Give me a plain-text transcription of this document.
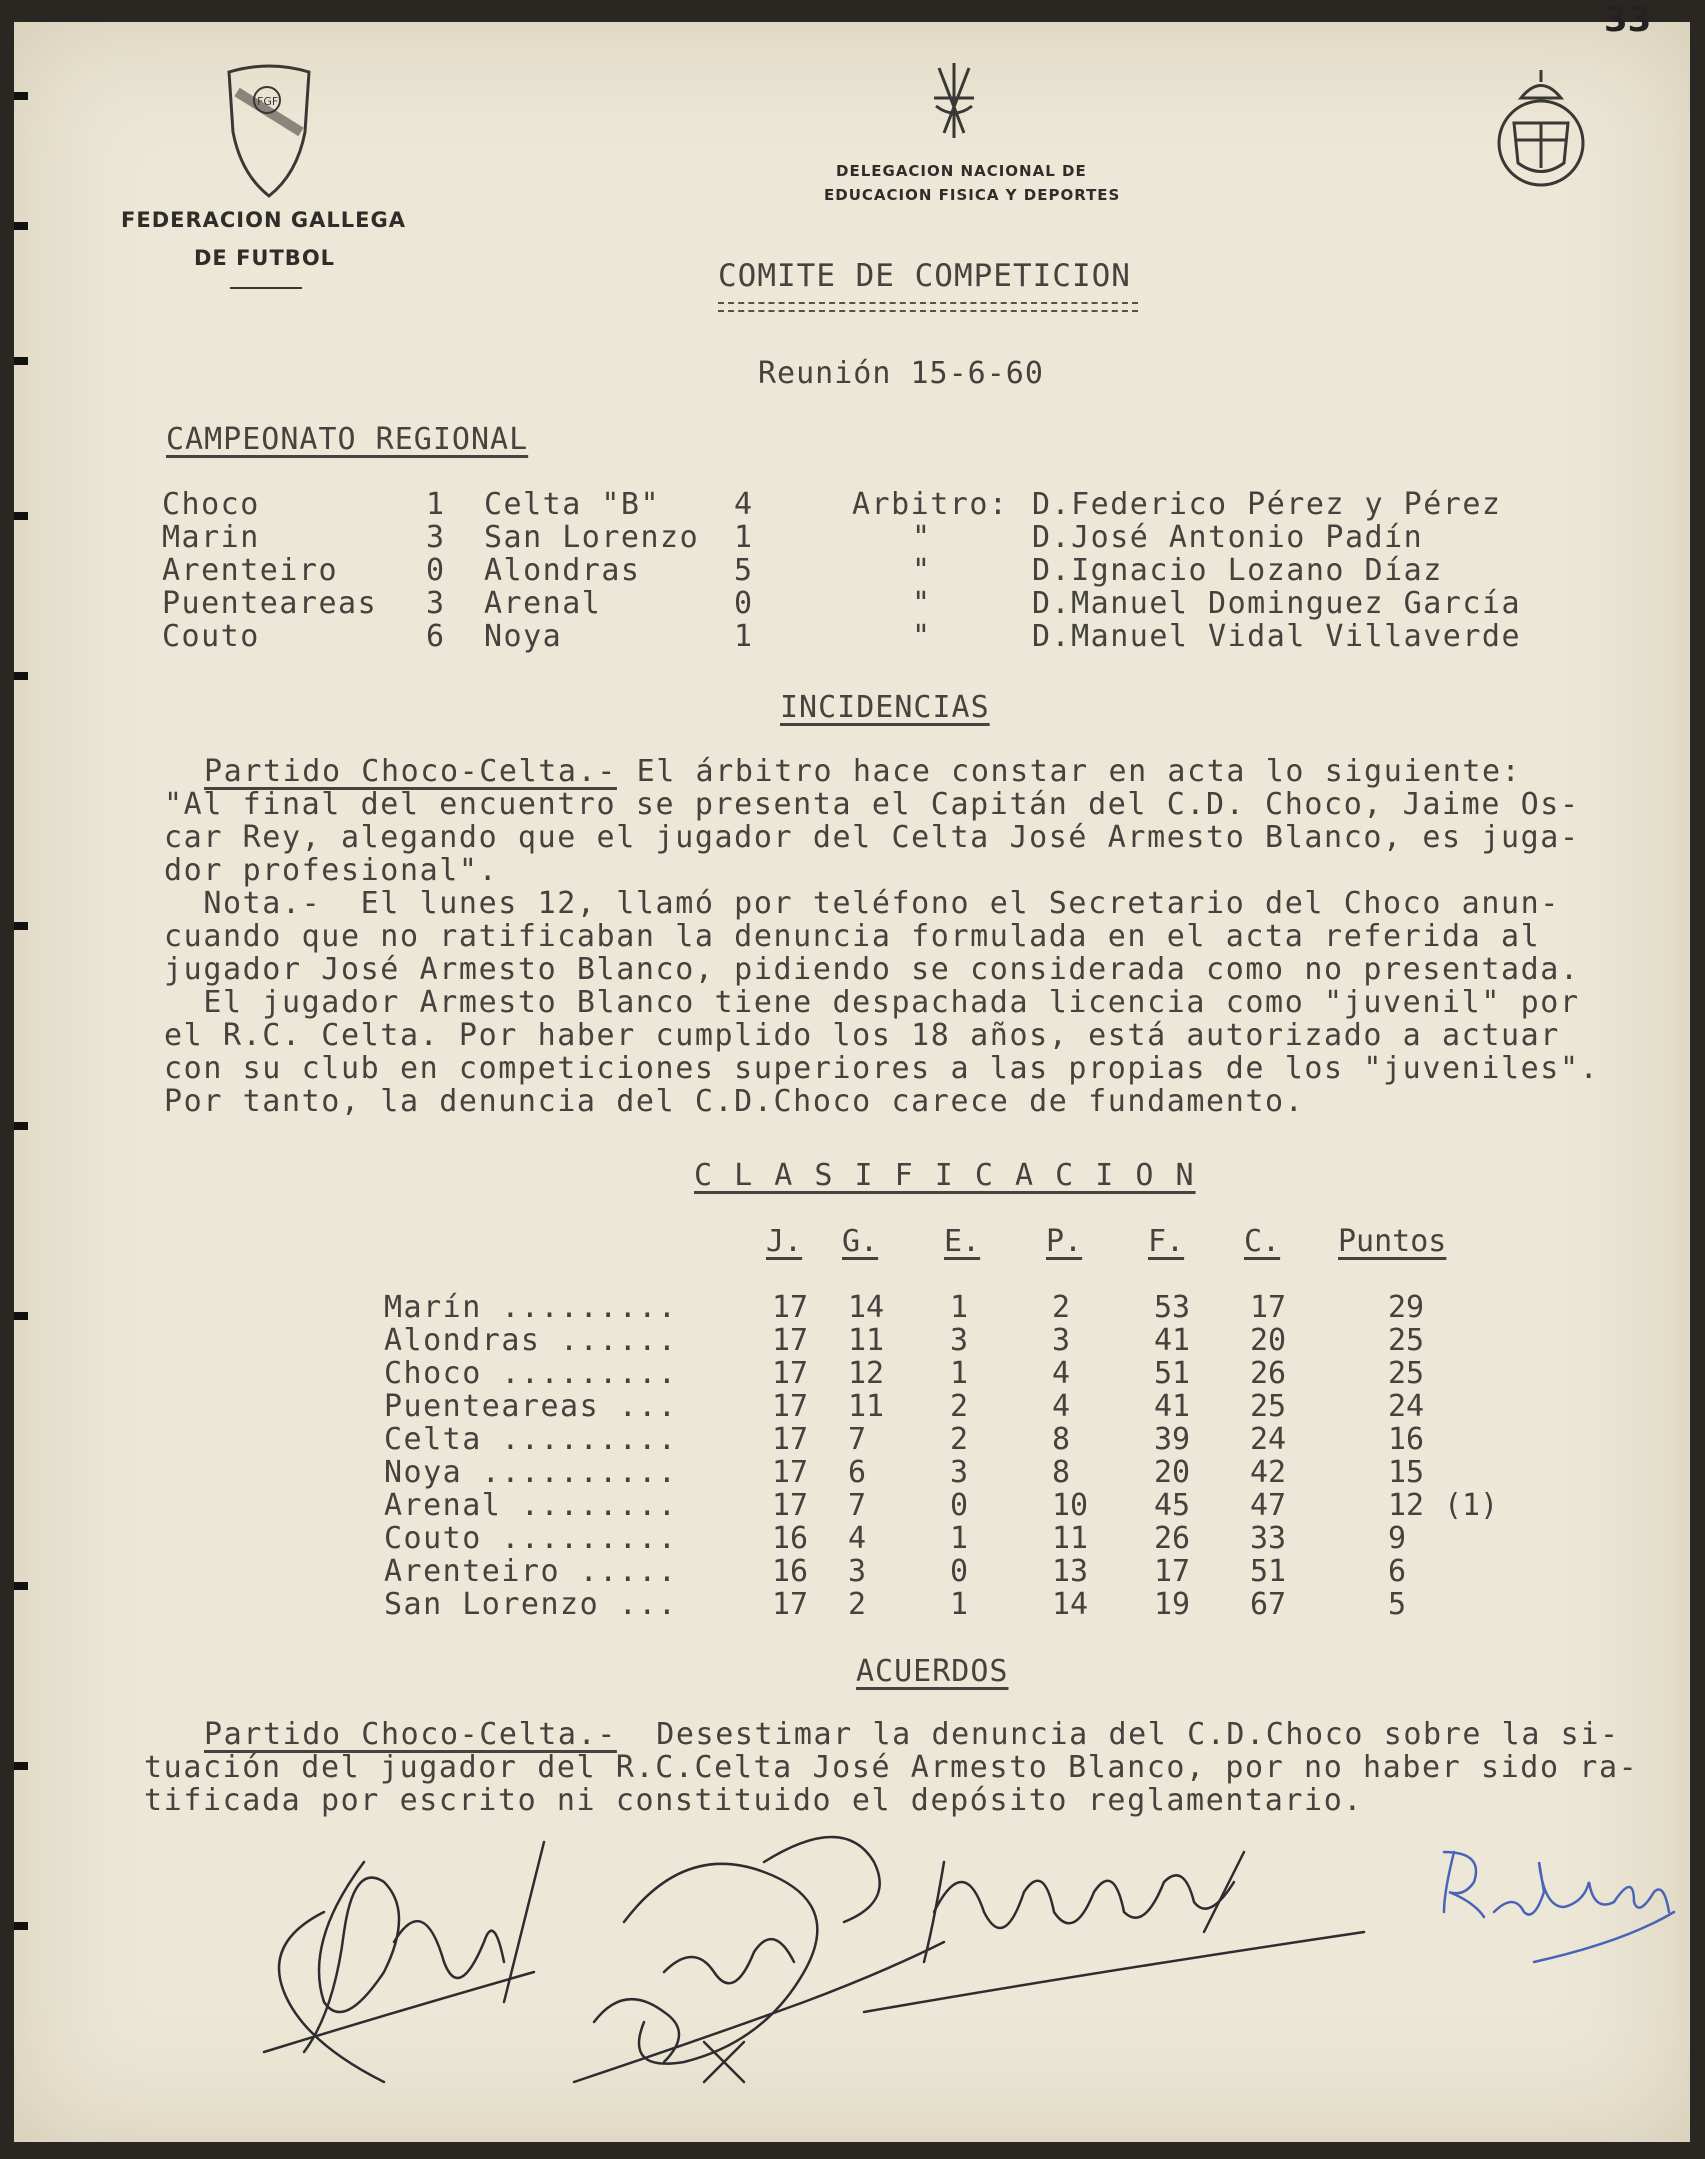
33
FGF
FEDERACION GALLEGA
DE FUTBOL
DELEGACION NACIONAL DE
EDUCACION FISICA Y DEPORTES
COMITE DE COMPETICION
Reunión 15-6-60
CAMPEONATO REGIONAL
Choco	1 Celta "B" 4	Arbitro: D.Federico Pérez y Pérez
Marin	3 San Lorenzo 1	"	D.José Antonio Padín
Arenteiro	0 Alondras	5	"	D.Ignacio Lozano Díaz
Puenteareas 3 Arenal	0	"	D.Manuel Dominguez García
Couto	6 Noya	1	"	D.Manuel Vidal Villaverde
INCIDENCIAS

Partido Choco-Celta.- El árbitro hace constar en acta lo siguiente:

"Al final del encuentro se presenta el Capitán del C.D. Choco, Jaime Os-
car Rey, alegando que el jugador del Celta José Armesto Blanco, es juga-
dor profesional".
Nota.-  El lunes 12, llamó por teléfono el Secretario del Choco anun-
cuando que no ratificaban la denuncia formulada en el acta referida al
jugador José Armesto Blanco, pidiendo se considerada como no presentada.
El jugador Armesto Blanco tiene despachada licencia como "juvenil" por
el R.C. Celta. Por haber cumplido los 18 años, está autorizado a actuar
con su club en competiciones superiores a las propias de los "juveniles".
Por tanto, la denuncia del C.D.Choco carece de fundamento.

C L A S I F I C A C I O N
J. G. E. P. F. C. Puntos
Marín .........	17 14 1	2	53 17	29
Alondras ......	17 11 3	3	41 20	25
Choco .........	17 12 1	4	51 26	25
Puenteareas ...	17 11 2	4	41 25	24
Celta .........	17 7	2	8	39 24	16
Noya ..........	17 6	3	8	20 42	15
Arenal ........	17 7	0	10 45 47	12 (1)
Couto .........	16 4	1	11 26 33	9
Arenteiro .....	16 3	0	13 17 51	6
San Lorenzo ...	17 2	1	14 19 67	5
ACUERDOS

Partido Choco-Celta.-  Desestimar la denuncia del C.D.Choco sobre la si-

tuación del jugador del R.C.Celta José Armesto Blanco, por no haber sido ra-
tificada por escrito ni constituido el depósito reglamentario.
